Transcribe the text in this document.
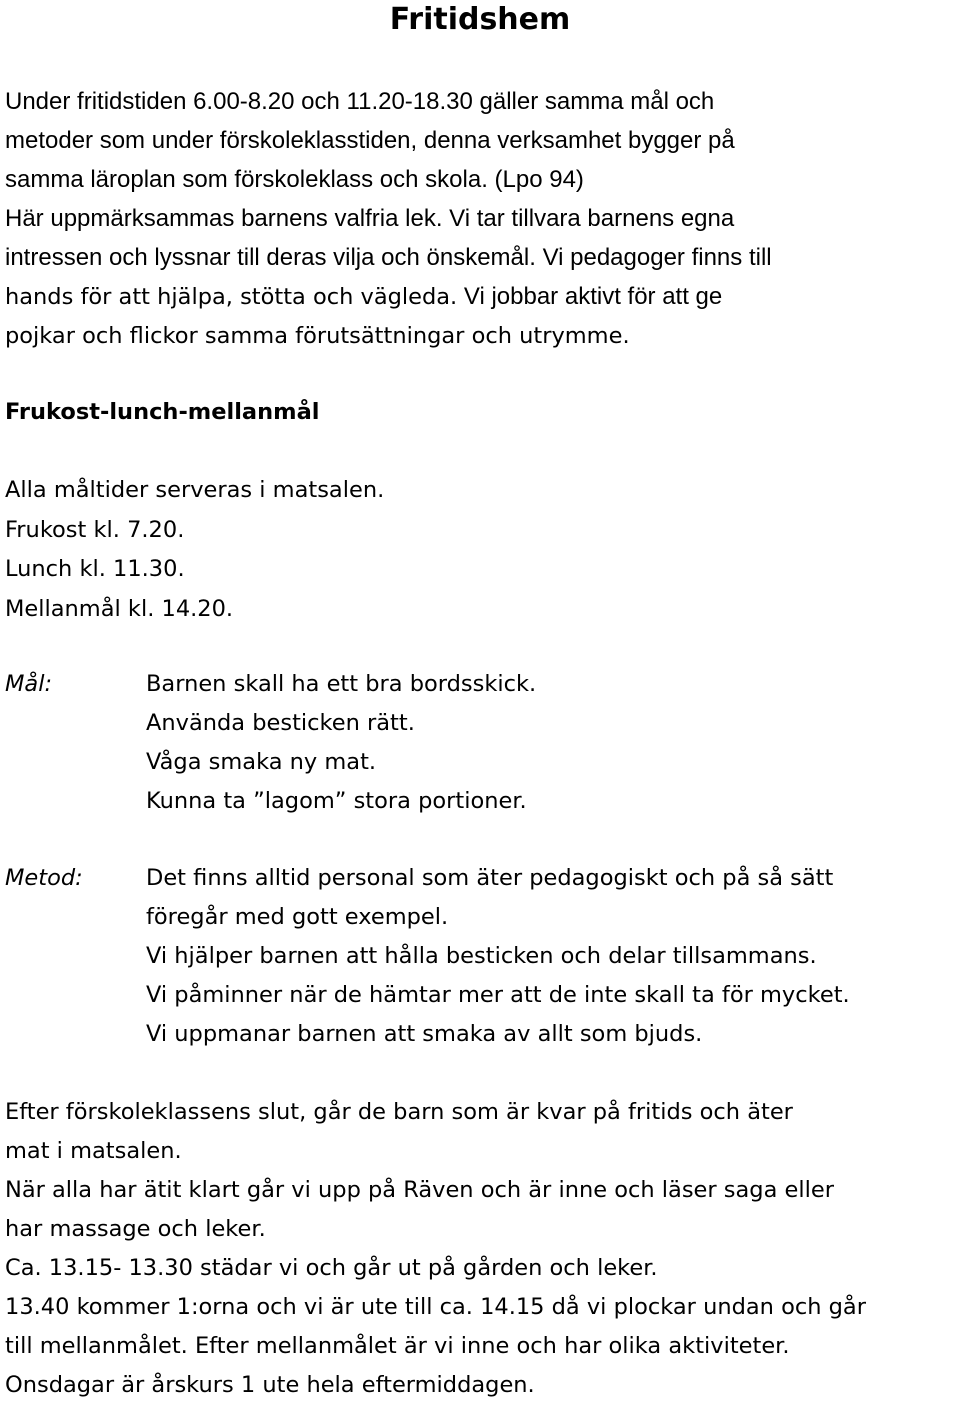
Fritidshem
Under fritidstiden 6.00-8.20 och 11.20-18.30 gäller samma mål och
metoder som under förskoleklasstiden, denna verksamhet bygger på
samma läroplan som förskoleklass och skola. (Lpo 94)
Här uppmärksammas barnens valfria lek. Vi tar tillvara barnens egna
intressen och lyssnar till deras vilja och önskemål. Vi pedagoger finns till
hands för att hjälpa, stötta och vägleda. Vi jobbar aktivt för att ge
pojkar och flickor samma förutsättningar och utrymme.
Frukost-lunch-mellanmål
Alla måltider serveras i matsalen.
Frukost kl. 7.20.
Lunch kl. 11.30.
Mellanmål kl. 14.20.

Mål:	Barnen skall ha ett bra bordsskick.
Använda besticken rätt.
Våga smaka ny mat.
Kunna ta ”lagom” stora portioner.

Metod:	Det finns alltid personal som äter pedagogiskt och på så sätt
föregår med gott exempel.
Vi hjälper barnen att hålla besticken och delar tillsammans.
Vi påminner när de hämtar mer att de inte skall ta för mycket.
Vi uppmanar barnen att smaka av allt som bjuds.
Efter förskoleklassens slut, går de barn som är kvar på fritids och äter
mat i matsalen.
När alla har ätit klart går vi upp på Räven och är inne och läser saga eller
har massage och leker.
Ca. 13.15- 13.30 städar vi och går ut på gården och leker.
13.40 kommer 1:orna och vi är ute till ca. 14.15 då vi plockar undan och går
till mellanmålet. Efter mellanmålet är vi inne och har olika aktiviteter.
Onsdagar är årskurs 1 ute hela eftermiddagen.
